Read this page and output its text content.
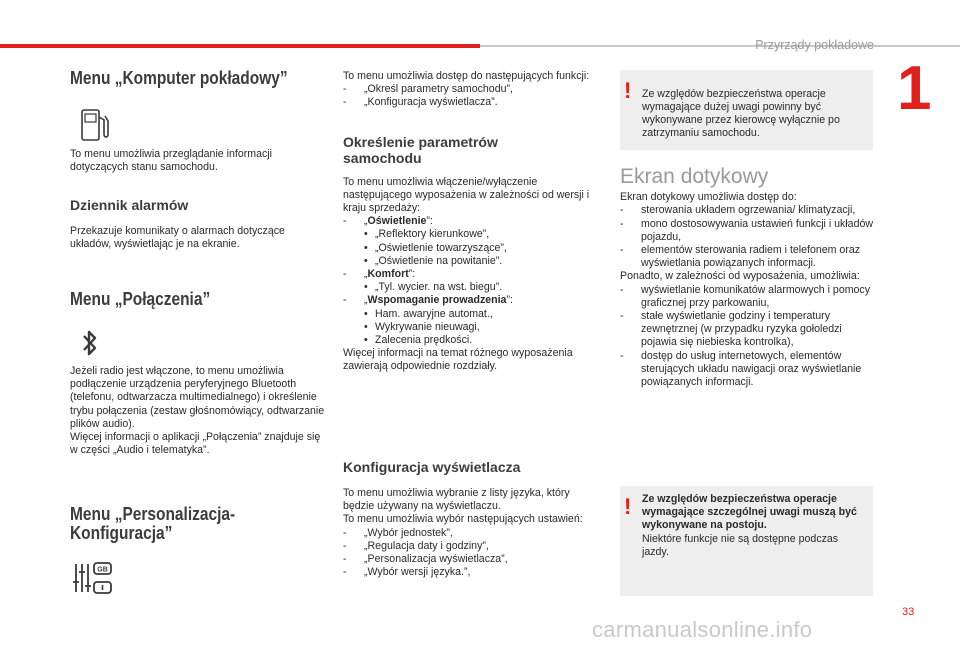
Przyrządy pokładowe
1
Menu „Komputer pokładowy”

To menu umożliwia przeglądanie informacji dotyczących stanu samochodu.

Dziennik alarmów

Przekazuje komunikaty o alarmach dotyczące układów, wyświetlając je na ekranie.

Menu „Połączenia”

Jeżeli radio jest włączone, to menu umożliwia podłączenie urządzenia peryferyjnego Bluetooth (telefonu, odtwarzacza multimedialnego) i określenie trybu połączenia (zestaw głośnomówiący, odtwarzanie plików audio).

Więcej informacji o aplikacji „Połączenia” znajduje się w części „Audio i telematyka”.

Menu „Personalizacja-Konfiguracja”
GB

To menu umożliwia dostęp do następujących funkcji:

- „Określ parametry samochodu”,

- „Konfiguracja wyświetlacza”.

Określenie parametrów samochodu

To menu umożliwia włączenie/wyłączenie następującego wyposażenia w zależności od wersji i kraju sprzedaży:

- „Oświetlenie”:

• „Reflektory kierunkowe”,

• „Oświetlenie towarzyszące”,

• „Oświetlenie na powitanie”.

- „Komfort”:

• „Tyl. wycier. na wst. biegu”.

- „Wspomaganie prowadzenia”:

• Ham. awaryjne automat.,

• Wykrywanie nieuwagi,

• Zalecenia prędkości.

Więcej informacji na temat różnego wyposażenia zawierają odpowiednie rozdziały.

Konfiguracja wyświetlacza

To menu umożliwia wybranie z listy języka, który będzie używany na wyświetlaczu.

To menu umożliwia wybór następujących ustawień:

- „Wybór jednostek”,

- „Regulacja daty i godziny”,

- „Personalizacja wyświetlacza”,

- „Wybór wersji języka.”,

! Ze względów bezpieczeństwa operacje wymagające dużej uwagi powinny być wykonywane przez kierowcę wyłącznie po zatrzymaniu samochodu.

Ekran dotykowy

Ekran dotykowy umożliwia dostęp do:

- sterowania układem ogrzewania/ klimatyzacji,

- mono dostosowywania ustawień funkcji i układów pojazdu,

- elementów sterowania radiem i telefonem oraz wyświetlania powiązanych informacji.

Ponadto, w zależności od wyposażenia, umożliwia:

- wyświetlanie komunikatów alarmowych i pomocy graficznej przy parkowaniu,

- stałe wyświetlanie godziny i temperatury zewnętrznej (w przypadku ryzyka gołoledzi pojawia się niebieska kontrolka),

- dostęp do usług internetowych, elementów sterujących układu nawigacji oraz wyświetlanie powiązanych informacji.

! Ze względów bezpieczeństwa operacje wymagające szczególnej uwagi muszą być wykonywane na postoju.

Niektóre funkcje nie są dostępne podczas jazdy.

33
carmanualsonline.info
